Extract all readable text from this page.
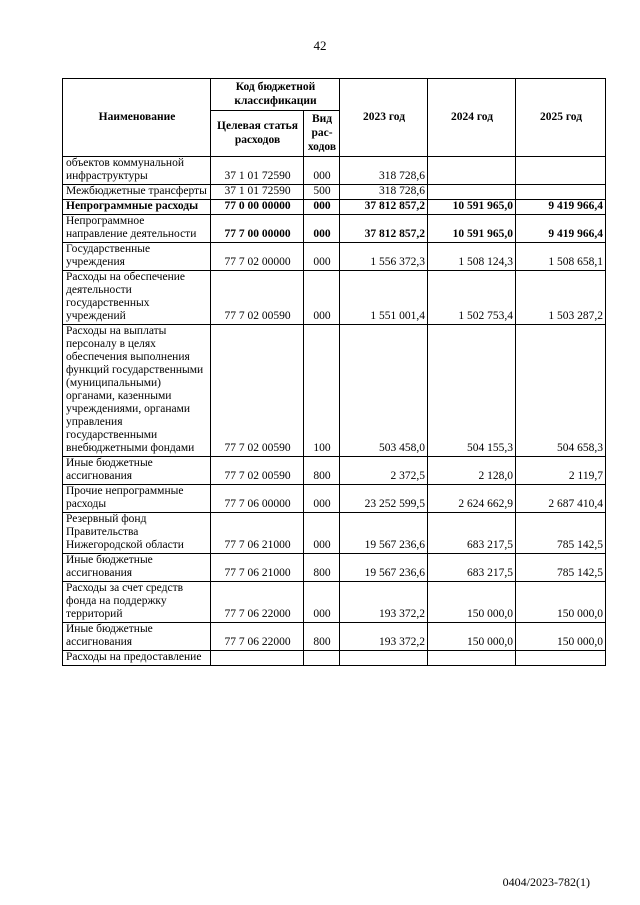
42
Наименование	Код бюджетной классификации		2023 год	2024 год	2025 год
	Целевая статья расходов	Вид рас-ходов			
объектов коммунальной инфраструктуры	37 1 01 72590	000	318 728,6		
Межбюджетные трансферты	37 1 01 72590	500	318 728,6		
Непрограммные расходы	77 0 00 00000	000	37 812 857,2	10 591 965,0	9 419 966,4
Непрограммное направление деятельности	77 7 00 00000	000	37 812 857,2	10 591 965,0	9 419 966,4
Государственные учреждения	77 7 02 00000	000	1 556 372,3	1 508 124,3	1 508 658,1
Расходы на обеспечение деятельности государственных учреждений	77 7 02 00590	000	1 551 001,4	1 502 753,4	1 503 287,2
Расходы на выплаты персоналу в целях обеспечения выполнения функций государственными (муниципальными) органами, казенными учреждениями, органами управления государственными внебюджетными фондами	77 7 02 00590	100	503 458,0	504 155,3	504 658,3
Иные бюджетные ассигнования	77 7 02 00590	800	2 372,5	2 128,0	2 119,7
Прочие непрограммные расходы	77 7 06 00000	000	23 252 599,5	2 624 662,9	2 687 410,4
Резервный фонд Правительства Нижегородской области	77 7 06 21000	000	19 567 236,6	683 217,5	785 142,5
Иные бюджетные ассигнования	77 7 06 21000	800	19 567 236,6	683 217,5	785 142,5
Расходы за счет средств фонда на поддержку территорий	77 7 06 22000	000	193 372,2	150 000,0	150 000,0
Иные бюджетные ассигнования	77 7 06 22000	800	193 372,2	150 000,0	150 000,0
Расходы на предоставление					
0404/2023-782(1)
